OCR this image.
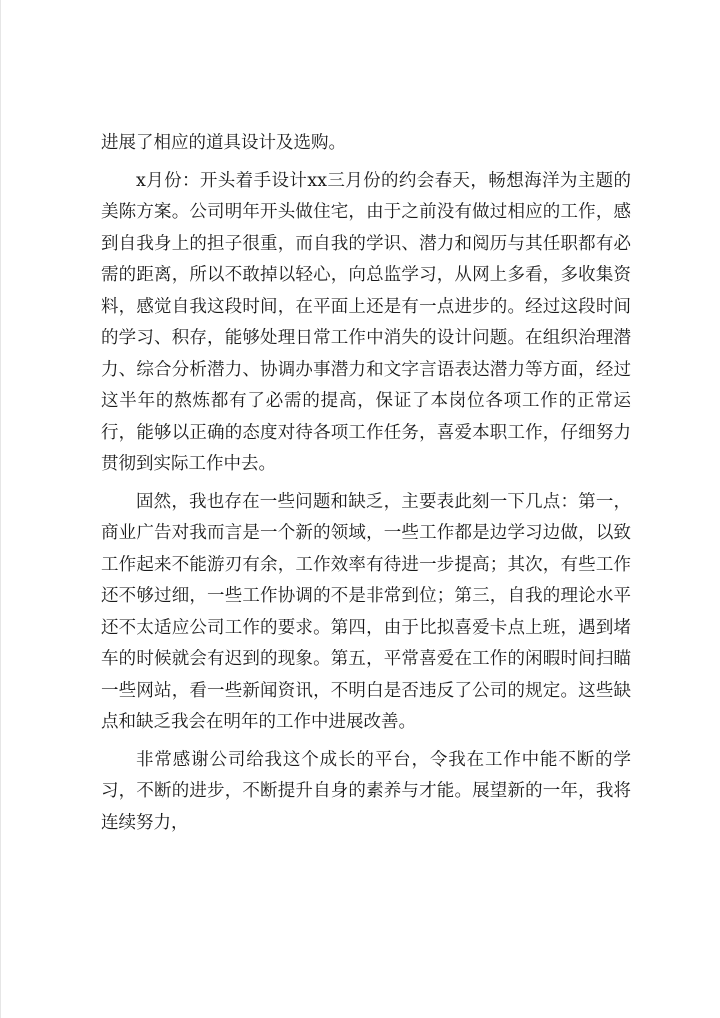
进展了相应的道具设计及选购。

x月份：开头着手设计xx三月份的约会春天，畅想海洋为主题的美陈方案。公司明年开头做住宅，由于之前没有做过相应的工作，感到自我身上的担子很重，而自我的学识、潜力和阅历与其任职都有必需的距离，所以不敢掉以轻心，向总监学习，从网上多看，多收集资料，感觉自我这段时间，在平面上还是有一点进步的。经过这段时间的学习、积存，能够处理日常工作中消失的设计问题。在组织治理潜力、综合分析潜力、协调办事潜力和文字言语表达潜力等方面，经过这半年的熬炼都有了必需的提高，保证了本岗位各项工作的正常运行，能够以正确的态度对待各项工作任务，喜爱本职工作，仔细努力贯彻到实际工作中去。

固然，我也存在一些问题和缺乏，主要表此刻一下几点：第一，商业广告对我而言是一个新的领域，一些工作都是边学习边做，以致工作起来不能游刃有余，工作效率有待进一步提高；其次，有些工作还不够过细，一些工作协调的不是非常到位；第三，自我的理论水平还不太适应公司工作的要求。第四，由于比拟喜爱卡点上班，遇到堵车的时候就会有迟到的现象。第五，平常喜爱在工作的闲暇时间扫瞄一些网站，看一些新闻资讯，不明白是否违反了公司的规定。这些缺点和缺乏我会在明年的工作中进展改善。

非常感谢公司给我这个成长的平台，令我在工作中能不断的学习，不断的进步，不断提升自身的素养与才能。展望新的一年，我将连续努力，
